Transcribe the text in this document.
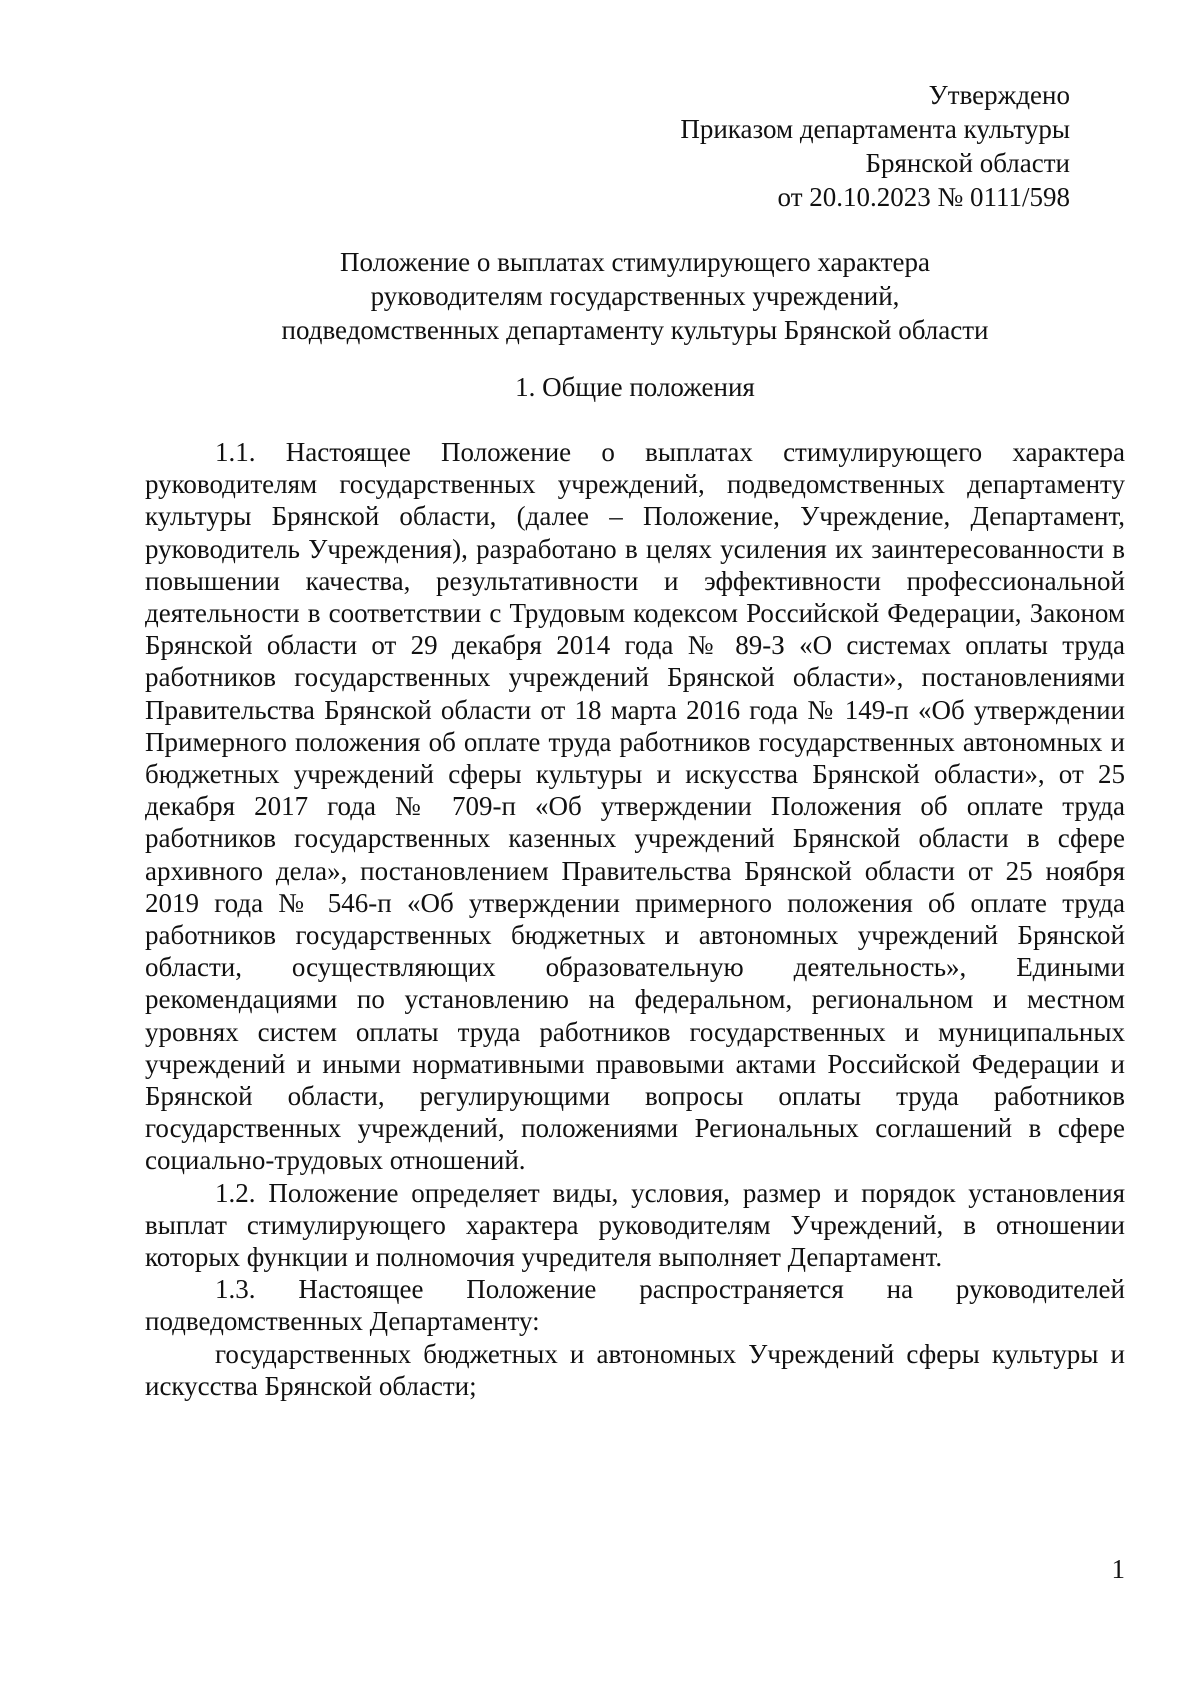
Утверждено
Приказом департамента культуры
Брянской области
от 20.10.2023 № 0111/598
Положение о выплатах стимулирующего характера
руководителям государственных учреждений,
подведомственных департаменту культуры Брянской области
1. Общие положения

1.1. Настоящее Положение о выплатах стимулирующего характера руководителям государственных учреждений, подведомственных департаменту культуры Брянской области, (далее – Положение, Учреждение, Департамент, руководитель Учреждения), разработано в целях усиления их заинтересованности в повышении качества, результативности и эффективности профессиональной деятельности в соответствии с Трудовым кодексом Российской Федерации, Законом Брянской области от 29 декабря 2014 года № 89-З «О системах оплаты труда работников государственных учреждений Брянской области», постановлениями Правительства Брянской области от 18 марта 2016 года № 149-п «Об утверждении Примерного положения об оплате труда работников государственных автономных и бюджетных учреждений сферы культуры и искусства Брянской области», от 25 декабря 2017 года № 709-п «Об утверждении Положения об оплате труда работников государственных казенных учреждений Брянской области в сфере архивного дела», постановлением Правительства Брянской области от 25 ноября 2019 года № 546-п «Об утверждении примерного положения об оплате труда работников государственных бюджетных и автономных учреждений Брянской области, осуществляющих образовательную деятельность», Едиными рекомендациями по установлению на федеральном, региональном и местном уровнях систем оплаты труда работников государственных и муниципальных учреждений и иными нормативными правовыми актами Российской Федерации и Брянской области, регулирующими вопросы оплаты труда работников государственных учреждений, положениями Региональных соглашений в сфере социально-трудовых отношений.

1.2. Положение определяет виды, условия, размер и порядок установления выплат стимулирующего характера руководителям Учреждений, в отношении которых функции и полномочия учредителя выполняет Департамент.

1.3. Настоящее Положение распространяется на руководителей подведомственных Департаменту:

государственных бюджетных и автономных Учреждений сферы культуры и искусства Брянской области;

1
